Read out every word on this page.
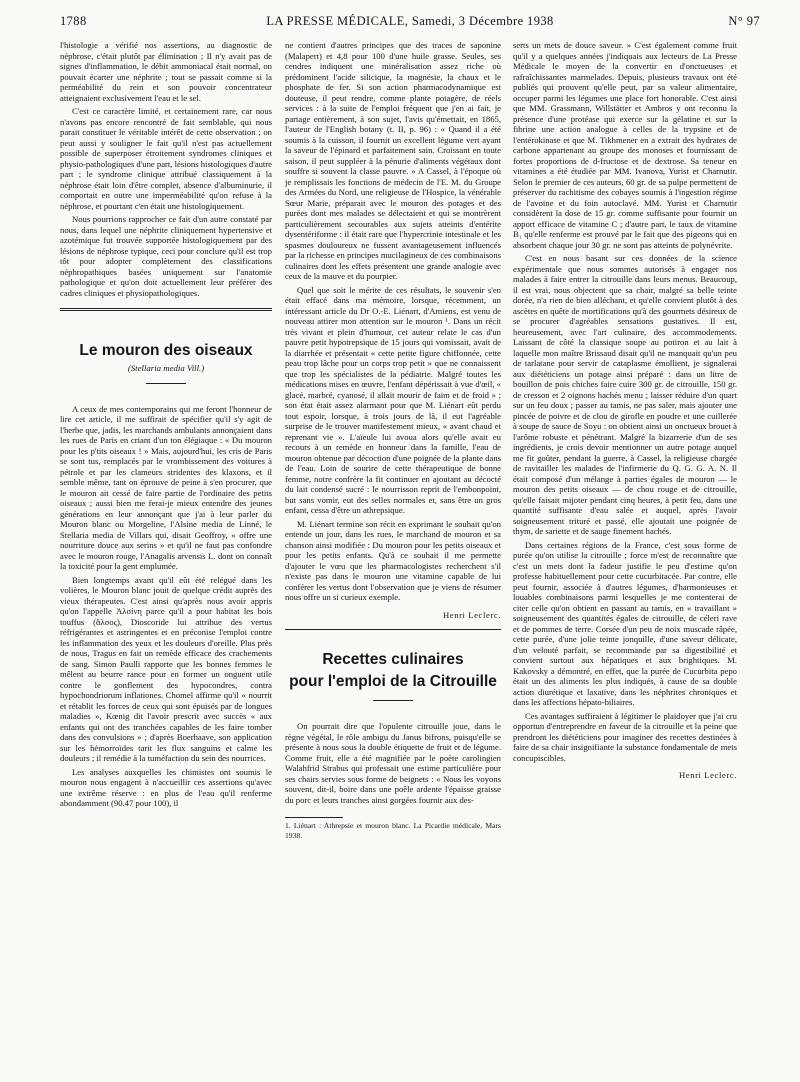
1788	LA PRESSE MÉDICALE, Samedi, 3 Décembre 1938	N° 97

l'histologie a vérifié nos assertions, au diagnostic de néphrose, c'était plutôt par élimination ; Il n'y avait pas de signes d'inflammation, le débit ammoniacal était normal, on pouvait écarter une néphrite ; tout se passait comme si la perméabilité du rein et son pouvoir concentrateur atteignaient exclusivement l'eau et le sel.

C'est ce caractère limité, et certainement rare, car nous n'avons pas encore rencontré de fait semblable, qui nous parait constituer le véritable intérêt de cette observation ; on peut aussi y souligner le fait qu'il n'est pas actuellement possible de superposer étroitement syndromes cliniques et physio-pathologiques d'une part, lésions histologiques d'autre part ; le syndrome clinique attribué classiquement à la néphrose était loin d'être complet, absence d'albuminurie, il comportait en outre une imperméabilité qu'on refuse à la néphrose, et pourtant c'en était une histologiquement.

Nous pourrions rapprocher ce fait d'un autre constaté par nous, dans lequel une néphrite cliniquement hypertensive et azotémique fut trouvée supportée histologiquement par des lésions de néphrose typique, ceci pour conclure qu'il est trop tôt pour adopter complètement des classifications néphropathiques basées uniquement sur l'anatomie pathologique et qu'on doit actuellement leur préférer des cadres cliniques et physiopathologiques.

Le mouron des oiseaux
(Stellaria media Vill.)

A ceux de mes contemporains qui me feront l'honneur de lire cet article, il me suffirait de spécifier qu'il s'y agit de l'herbe que, jadis, les marchands ambulants annonçaient dans les rues de Paris en criant d'un ton élégiaque : « Du mouron pour les p'tits oiseaux ! » Mais, aujourd'hui, les cris de Paris se sont tus, remplacés par le vrombissement des voitures à pétrole et par les clameurs stridentes des klaxons, et il semble même, tant on éprouve de peine à s'en procurer, que le mouron ait cessé de faire partie de l'ordinaire des petits oiseaux ; aussi bien me ferai-je mieux entendre des jeunes générations en leur annonçant que j'ai à leur parler du Mouron blanc ou Morgeline, l'Alsine media de Linné, le Stellaria media de Villars qui, disait Geoffroy, « offre une nourriture douce aux serins » et qu'il ne faut pas confondre avec le mouron rouge, l'Anagalis arvensis L. dont on connaît la toxicité pour la gent emplumée.

Bien longtemps avant qu'il eût été relégué dans les volières, le Mouron blanc jouit de quelque crédit auprès des vieux thérapeutes. C'est ainsi qu'après nous avoir appris qu'on l'appelle Ἀλσίνη parce qu'il a pour habitat les bois touffus (ἄλσος), Dioscoride lui attribue des vertus réfrigérantes et astringentes et en préconise l'emploi contre les inflammation des yeux et les douleurs d'oreille. Plus près de nous, Tragus en fait un remède efficace des crachements de sang. Simon Paulli rapporte que les bonnes femmes le mêlent au beurre rance pour en former un onguent utile contre le gonflement des hypocondres, contra hypochondriorum inflationes. Chomel affirme qu'il « nourrit et rétablit les forces de ceux qui sont épuisés par de longues maladies », Kœnig dit l'avoir prescrit avec succès « aux enfants qui ont des tranchées capables de les faire tomber dans des convulsions » ; d'après Boerhaave, son application sur les hémorroïdes tarit les flux sanguins et calme les douleurs ; il remédie à la tuméfaction du sein des nourrices.

Les analyses auxquelles les chimistes ont soumis le mouron nous engagent à n'accueillir ces assertions qu'avec une extrême réserve : en plus de l'eau qu'il renferme abondamment (90.47 pour 100), il

ne contient d'autres principes que des traces de saponine (Malapert) et 4,8 pour 100 d'une huile grasse. Seules, ses cendres indiquent une minéralisation assez riche où prédominent l'acide silicique, la magnésie, la chaux et le phosphate de fer. Si son action pharmacodynamique est douteuse, il peut rendre, comme plante potagère, de réels services : à la suite de l'emploi fréquent que j'en ai fait, je partage entièrement, à son sujet, l'avis qu'émettait, en 1865, l'auteur de l'English botany (t. II, p. 96) : « Quand il a été soumis à la cuisson, il fournit un excellent légume vert ayant la saveur de l'épinard et parfaitement sain. Croissant en toute saison, il peut suppléer à la pénurie d'aliments végétaux dont souffre si souvent la classe pauvre. » A Cassel, à l'époque où je remplissais les fonctions de médecin de l'E. M. du Groupe des Armées du Nord, une religieuse de l'Hospice, la vénérable Sœur Marie, préparait avec le mouron des potages et des purées dont mes malades se délectaient et qui se montrèrent particulièrement secourables aux sujets atteints d'entérite dysentériforme : il était rare que l'hypercrinie intestinale et les spasmes douloureux ne fussent avantageusement influencés par la richesse en principes mucilagineux de ces combinaisons culinaires dont les effets présentent une grande analogie avec ceux de la mauve et du pourpier.

Quel que soit le mérite de ces résultats, le souvenir s'en était effacé dans ma mémoire, lorsque, récemment, un intéressant article du Dr O.-E. Liénart, d'Amiens, est venu de nouveau attirer mon attention sur le mouron ¹. Dans un récit très vivant et plein d'humour, cet auteur relate le cas d'un pauvre petit hypotrepsique de 15 jours qui vomissait, avait de la diarrhée et présentait « cette petite figure chiffonnée, cette peau trop lâche pour un corps trop petit » que ne connaissent que trop les spécialistes de la pédiatrie. Malgré toutes les médications mises en œuvre, l'enfant dépérissait à vue d'œil, « glacé, marbré, cyanosé, il allait mourir de faim et de froid » ; son état était assez alarmant pour que M. Liénart eût perdu tout espoir, lorsque, à trois jours de là, il eut l'agréable surprise de le trouver manifestement mieux, « avant chaud et reprenant vie ». L'aïeule lui avoua alors qu'elle avait eu recours à un remède en honneur dans la famille, l'eau de mouron obtenue par décoction d'une poignée de la plante dans de l'eau. Loin de sourire de cette thérapeutique de bonne femme, notre confrère la fit continuer en ajoutant au décocté du lait condensé sucré : le nourrisson reprit de l'embonpoint, but sans vomir, eut des selles normales et, sans être un gros enfant, cessa d'être un athrepsique.

M. Liénart termine son récit en exprimant le souhait qu'on entende un jour, dans les rues, le marchand de mouron et sa chanson ainsi modifiée : Du mouron pour les petits oiseaux et pour les petits enfants. Qu'à ce souhait il me permette d'ajouter le vœu que les pharmacologistes recherchent s'il n'existe pas dans le mouron une vitamine capable de lui conférer les vertus dont l'observation que je viens de résumer nous offre un si curieux exemple.

Henri Leclerc.
Recettes culinaires
pour l'emploi de la Citrouille

On pourrait dire que l'opulente citrouille joue, dans le règne végétal, le rôle ambigu du Janus bifrons, puisqu'elle se présente à nous sous la double étiquette de fruit et de légume. Comme fruit, elle a été magnifiée par le poète carolingien Walahfrid Strabus qui professait une estime particulière pour ses chairs servies sous forme de beignets : « Nous les voyons souvent, dit-il, boire dans une poêle ardente l'épaisse graisse du porc et leurs tranches ainsi gorgées fournir aux des-

1. Liénart : Athrepsie et mouron blanc. La Picardie médicale, Mars 1938.

serts un mets de douce saveur. » C'est également comme fruit qu'il y a quelques années j'indiquais aux lecteurs de La Presse Médicale le moyen de la convertir en d'onctueuses et rafraîchissantes marmelades. Depuis, plusieurs travaux ont été publiés qui prouvent qu'elle peut, par sa valeur alimentaire, occuper parmi les légumes une place fort honorable. C'est ainsi que MM. Grassmann, Willstätter et Ambros y ont reconnu la présence d'une protéase qui exerce sur la gélatine et sur la fibrine une action analogue à celles de la trypsine et de l'entérokinase et que M. Tikhmener en a extrait des hydrates de carbone appartenant au groupe des monoses et fournissant de fortes proportions de d-fructose et de dextrose. Sa teneur en vitamines a été étudiée par MM. Ivanova, Yurist et Charnutir. Selon le premier de ces auteurs, 60 gr. de sa pulpe permettent de préserver du rachitisme des cobayes soumis à l'ingestion régime de l'avoine et du foin autoclavé. MM. Yurist et Charnutir considèrent la dose de 15 gr. comme suffisante pour fournir un apport efficace de vitamine C ; d'autre part, le taux de vitamine B₁ qu'elle renferme est prouvé par le fait que des pigeons qui en absorbent chaque jour 30 gr. ne sont pas atteints de polynévrite.

C'est en nous basant sur ces données de la science expérimentale que nous sommes autorisés à engager nos malades à faire entrer la citrouille dans leurs menus. Beaucoup, il est vrai, nous objectent que sa chair, malgré sa belle teinte dorée, n'a rien de bien alléchant, et qu'elle convient plutôt à des ascètes en quête de mortifications qu'à des gourmets désireux de se procurer d'agréables sensations gustatives. Il est, heureusement, avec l'art culinaire, des accommodements. Laissant de côté la classique soupe au potiron et au lait à laquelle mon maître Brissaud disait qu'il ne manquait qu'un peu de tarlatane pour servir de cataplasme émollient, je signalerai aux diététiciens un potage ainsi préparé : dans un litre de bouillon de pois chiches faire cuire 300 gr. de citrouille, 150 gr. de cresson et 2 oignons hachés menu ; laisser réduire d'un quart sur un feu doux ; passer au tamis, ne pas saler, mais ajouter une pincée de poivre et de clou de girofle en poudre et une cuillerée à soupe de sauce de Soyu : on obtient ainsi un onctueux brouet à l'arôme robuste et pénétrant. Malgré la bizarrerie d'un de ses ingrédients, je crois devoir mentionner un autre potage auquel me fit goûter, pendant la guerre, à Cassel, la religieuse chargée de ravitailler les malades de l'infirmerie du Q. G. G. A. N. Il était composé d'un mélange à parties égales de mouron — le mouron des petits oiseaux — de chou rouge et de citrouille, qu'elle faisait mijoter pendant cinq heures, à petit feu, dans une quantité suffisante d'eau salée et auquel, après l'avoir soigneusement trituré et passé, elle ajoutait une poignée de thym, de sariette et de sauge finement hachés.

Dans certaines régions de la France, c'est sous forme de purée qu'on utilise la citrouille ; force m'est de reconnaître que c'est un mets dont la fadeur justifie le peu d'estime qu'on professe habituellement pour cette cucurbitacée. Par contre, elle peut fournir, associée à d'autres légumes, d'harmonieuses et louables combinaisons parmi lesquelles je me contenterai de citer celle qu'on obtient en passant au tamis, en « travaillant » soigneusement des quantités égales de citrouille, de céleri rave et de pommes de terre. Corsée d'un peu de noix muscade râpée, cette purée, d'une jolie teinte jonquille, d'une saveur délicate, d'un velouté parfait, se recommande par sa digestibilité et convient surtout aux hépatiques et aux brightiques. M. Kakovsky a démontré, en effet, que la purée de Cucurbita pepo était un des aliments les plus indiqués, à cause de sa double action diurétique et laxative, dans les néphrites chroniques et dans les affections hépato-biliaires.

Ces avantages suffiraient à légitimer le plaidoyer que j'ai cru opportun d'entreprendre en faveur de la citrouille et la peine que prendront les diététiciens pour imaginer des recettes destinées à faire de sa chair insignifiante la substance fondamentale de mets concupiscibles.

Henri Leclerc.
